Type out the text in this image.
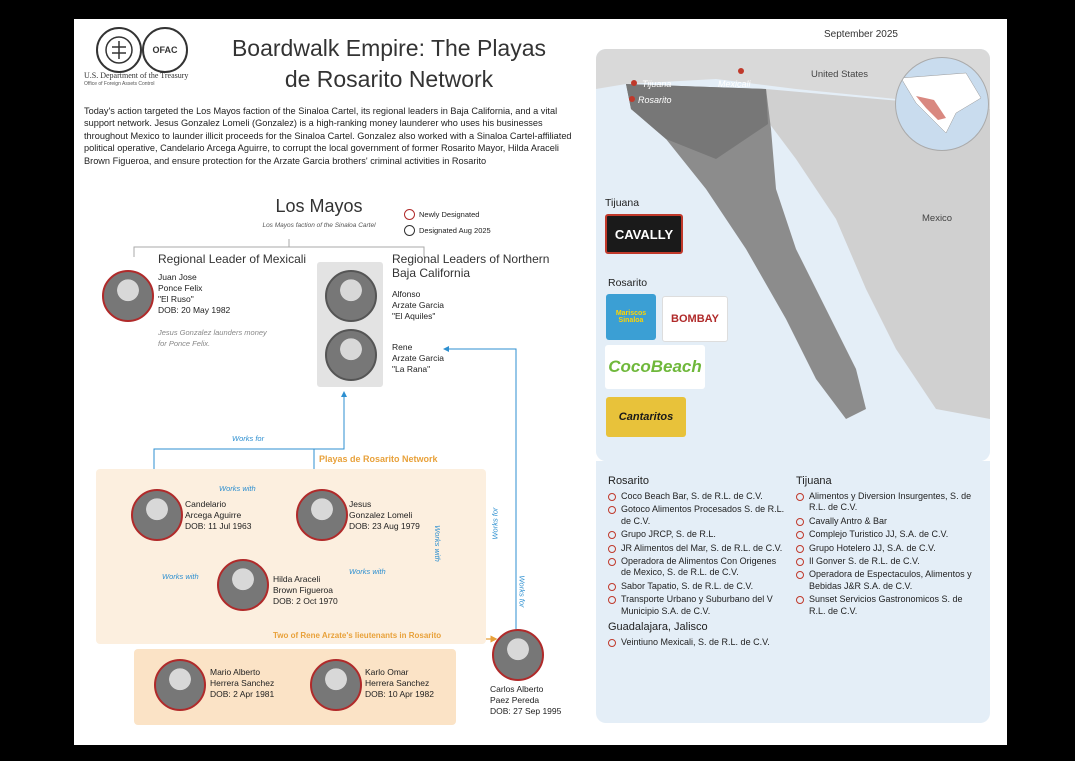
OFAC
U.S. Department of the Treasury
Office of Foreign Assets Control
Boardwalk Empire: The Playas
de Rosarito Network
Today's action targeted the Los Mayos faction of the Sinaloa Cartel, its regional leaders in Baja California, and a vital support network. Jesus Gonzalez Lomeli (Gonzalez) is a high-ranking money launderer who uses his businesses throughout Mexico to launder illicit proceeds for the Sinaloa Cartel. Gonzalez also worked with a Sinaloa Cartel-affiliated political operative, Candelario Arcega Aguirre, to corrupt the local government of former Rosarito Mayor, Hilda Araceli Brown Figueroa, and ensure protection for the Arzate Garcia brothers' criminal activities in Rosarito
Los Mayos
Los Mayos faction of the Sinaloa Cartel
Newly Designated
Designated Aug 2025
Regional Leader of Mexicali
Juan Jose
Ponce Felix
"El Ruso"
DOB: 20 May 1982
Jesus Gonzalez launders money
for Ponce Felix.
Regional Leaders of Northern
Baja California
Alfonso
Arzate Garcia
"El Aquiles"
Rene
Arzate Garcia
"La Rana"
Playas de Rosarito Network
Works for
Works with
Works with
Works with
Works with
Works for
Works for
Candelario
Arcega Aguirre
DOB: 11 Jul 1963
Jesus
Gonzalez Lomeli
DOB: 23 Aug 1979
Hilda Araceli
Brown Figueroa
DOB: 2 Oct 1970
Two of Rene Arzate's lieutenants in Rosarito
Mario Alberto
Herrera Sanchez
DOB: 2 Apr 1981
Karlo Omar
Herrera Sanchez
DOB: 10 Apr 1982	Carlos Alberto
Paez Pereda
DOB: 27 Sep 1995
Tijuana
Rosarito
Mexicali
United States
Mexico
Tijuana
CAVALLY
Rosarito
Mariscos Sinaloa	BOMBAY
CocoBeach
Cantaritos
September 2025
Rosarito
Coco Beach Bar, S. de R.L. de C.V.
Gotoco Alimentos Procesados S. de R.L. de C.V.
Grupo JRCP, S. de R.L.
JR Alimentos del Mar, S. de R.L. de C.V.
Operadora de Alimentos Con Origenes de Mexico, S. de R.L. de C.V.
Sabor Tapatio, S. de R.L. de C.V.
Transporte Urbano y Suburbano del V Municipio S.A. de C.V.
Guadalajara, Jalisco
Veintiuno Mexicali, S. de R.L. de C.V.
Tijuana
Alimentos y Diversion Insurgentes, S. de R.L. de C.V.
Cavally Antro & Bar
Complejo Turistico JJ, S.A. de C.V.
Grupo Hotelero JJ, S.A. de C.V.
Il Gonver S. de R.L. de C.V.
Operadora de Espectaculos, Alimentos y Bebidas J&R S.A. de C.V.
Sunset Servicios Gastronomicos S. de R.L. de C.V.
